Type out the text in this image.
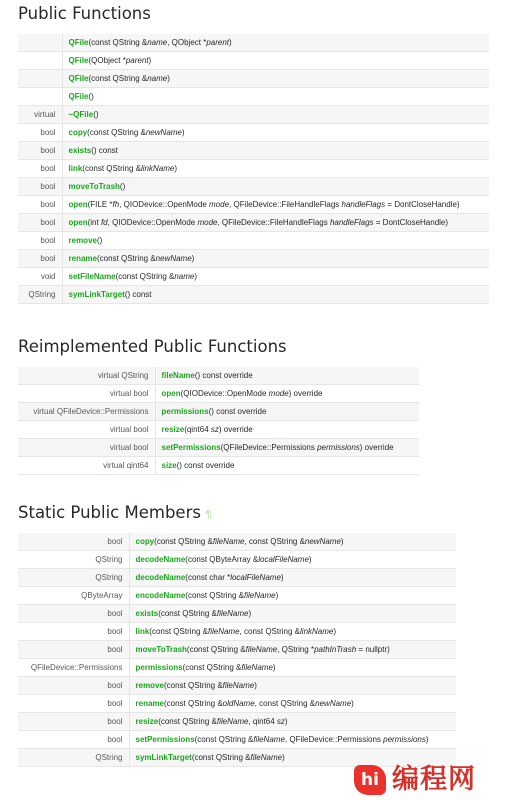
Public Functions
	QFile(const QString &name, QObject *parent)
	QFile(QObject *parent)
	QFile(const QString &name)
	QFile()
virtual	~QFile()
bool	copy(const QString &newName)
bool	exists() const
bool	link(const QString &linkName)
bool	moveToTrash()
bool	open(FILE *fh, QIODevice::OpenMode mode, QFileDevice::FileHandleFlags handleFlags = DontCloseHandle)
bool	open(int fd, QIODevice::OpenMode mode, QFileDevice::FileHandleFlags handleFlags = DontCloseHandle)
bool	remove()
bool	rename(const QString &newName)
void	setFileName(const QString &name)
QString	symLinkTarget() const
Reimplemented Public Functions
virtual QString	fileName() const override
virtual bool	open(QIODevice::OpenMode mode) override
virtual QFileDevice::Permissions	permissions() const override
virtual bool	resize(qint64 sz) override
virtual bool	setPermissions(QFileDevice::Permissions permissions) override
virtual qint64	size() const override
Static Public Members ¶
bool	copy(const QString &fileName, const QString &newName)
QString	decodeName(const QByteArray &localFileName)
QString	decodeName(const char *localFileName)
QByteArray	encodeName(const QString &fileName)
bool	exists(const QString &fileName)
bool	link(const QString &fileName, const QString &linkName)
bool	moveToTrash(const QString &fileName, QString *pathInTrash = nullptr)
QFileDevice::Permissions	permissions(const QString &fileName)
bool	remove(const QString &fileName)
bool	rename(const QString &oldName, const QString &newName)
bool	resize(const QString &fileName, qint64 sz)
bool	setPermissions(const QString &fileName, QFileDevice::Permissions permissions)
QString	symLinkTarget(const QString &fileName)
hi 编程网
